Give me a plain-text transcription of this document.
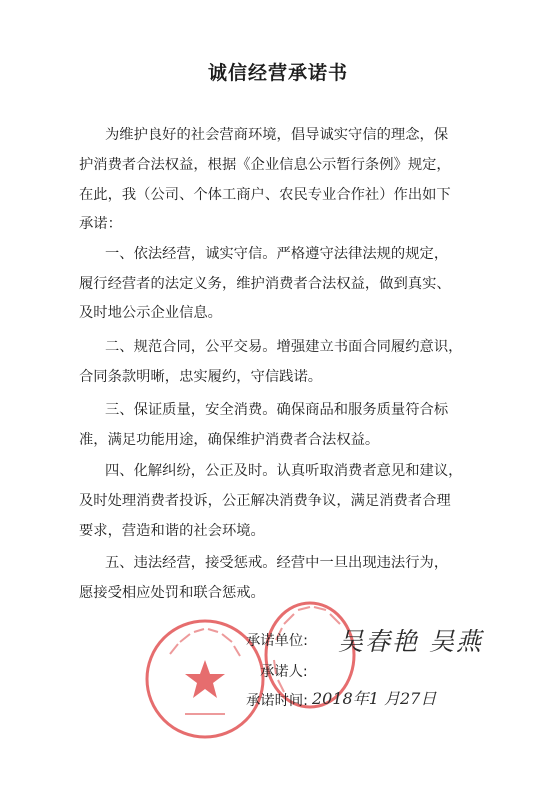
诚信经营承诺书
为维护良好的社会营商环境，倡导诚实守信的理念，保
护消费者合法权益，根据《企业信息公示暂行条例》规定，
在此，我（公司、个体工商户、农民专业合作社）作出如下
承诺：
一、依法经营，诚实守信。严格遵守法律法规的规定，
履行经营者的法定义务，维护消费者合法权益，做到真实、
及时地公示企业信息。
二、规范合同，公平交易。增强建立书面合同履约意识，
合同条款明晰，忠实履约，守信践诺。
三、保证质量，安全消费。确保商品和服务质量符合标
准，满足功能用途，确保维护消费者合法权益。
四、化解纠纷，公正及时。认真听取消费者意见和建议，
及时处理消费者投诉，公正解决消费争议，满足消费者合理
要求，营造和谐的社会环境。
五、违法经营，接受惩戒。经营中一旦出现违法行为，
愿接受相应处罚和联合惩戒。
承诺单位:
承诺人:
承诺时间:
吴春艳 吴燕
2018年1 月27日
